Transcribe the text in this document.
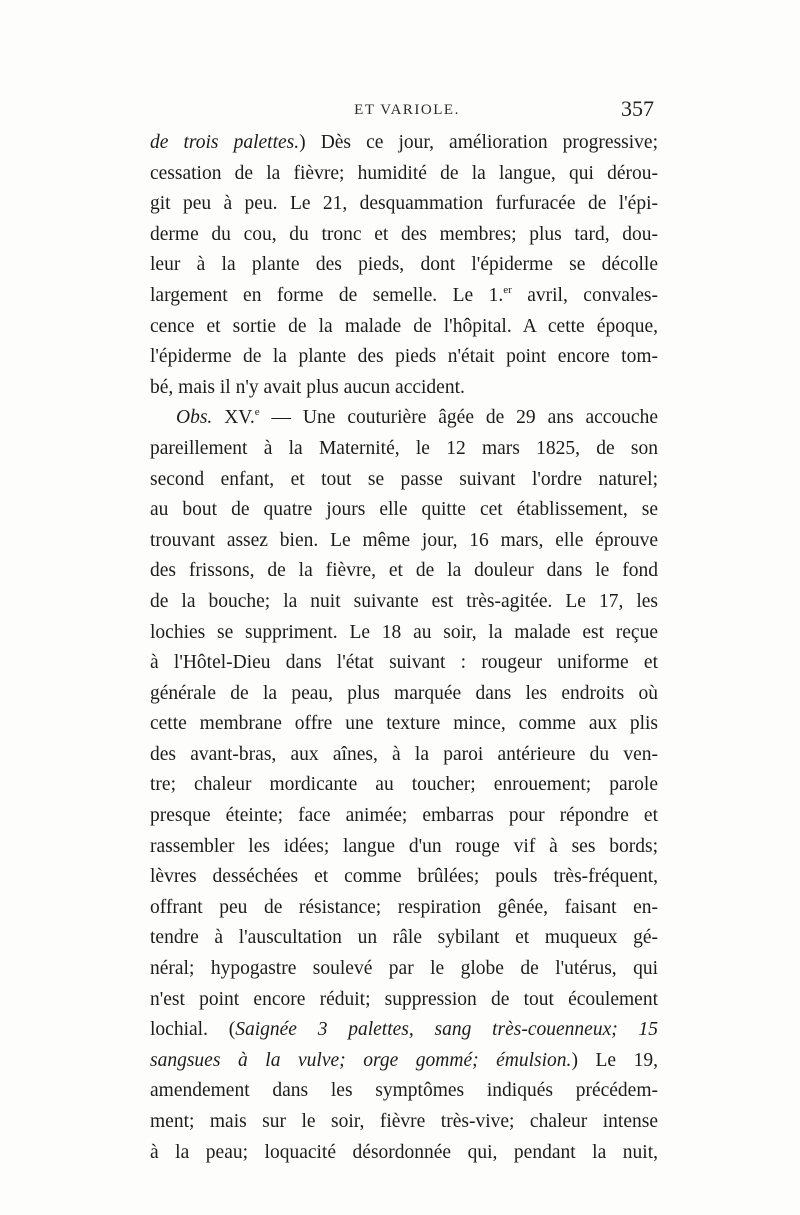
ET VARIOLE.	357
de trois palettes.) Dès ce jour, amélioration progressive;
cessation de la fièvre; humidité de la langue, qui dérou-
git peu à peu. Le 21, desquammation furfuracée de l'épi-
derme du cou, du tronc et des membres; plus tard, dou-
leur à la plante des pieds, dont l'épiderme se décolle
largement en forme de semelle. Le 1.$^{er}$ avril, convales-
cence et sortie de la malade de l'hôpital. A cette époque,
l'épiderme de la plante des pieds n'était point encore tom-
bé, mais il n'y avait plus aucun accident.
Obs. XV.$^e$ — Une couturière âgée de 29 ans accouche
pareillement à la Maternité, le 12 mars 1825, de son
second enfant, et tout se passe suivant l'ordre naturel;
au bout de quatre jours elle quitte cet établissement, se
trouvant assez bien. Le même jour, 16 mars, elle éprouve
des frissons, de la fièvre, et de la douleur dans le fond
de la bouche; la nuit suivante est très-agitée. Le 17, les
lochies se suppriment. Le 18 au soir, la malade est reçue
à l'Hôtel-Dieu dans l'état suivant : rougeur uniforme et
générale de la peau, plus marquée dans les endroits où
cette membrane offre une texture mince, comme aux plis
des avant-bras, aux aînes, à la paroi antérieure du ven-
tre; chaleur mordicante au toucher; enrouement; parole
presque éteinte; face animée; embarras pour répondre et
rassembler les idées; langue d'un rouge vif à ses bords;
lèvres desséchées et comme brûlées; pouls très-fréquent,
offrant peu de résistance; respiration gênée, faisant en-
tendre à l'auscultation un râle sybilant et muqueux gé-
néral; hypogastre soulevé par le globe de l'utérus, qui
n'est point encore réduit; suppression de tout écoulement
lochial. (Saignée 3 palettes, sang très-couenneux; 15
sangsues à la vulve; orge gommé; émulsion.) Le 19,
amendement dans les symptômes indiqués précédem-
ment; mais sur le soir, fièvre très-vive; chaleur intense
à la peau; loquacité désordonnée qui, pendant la nuit,
